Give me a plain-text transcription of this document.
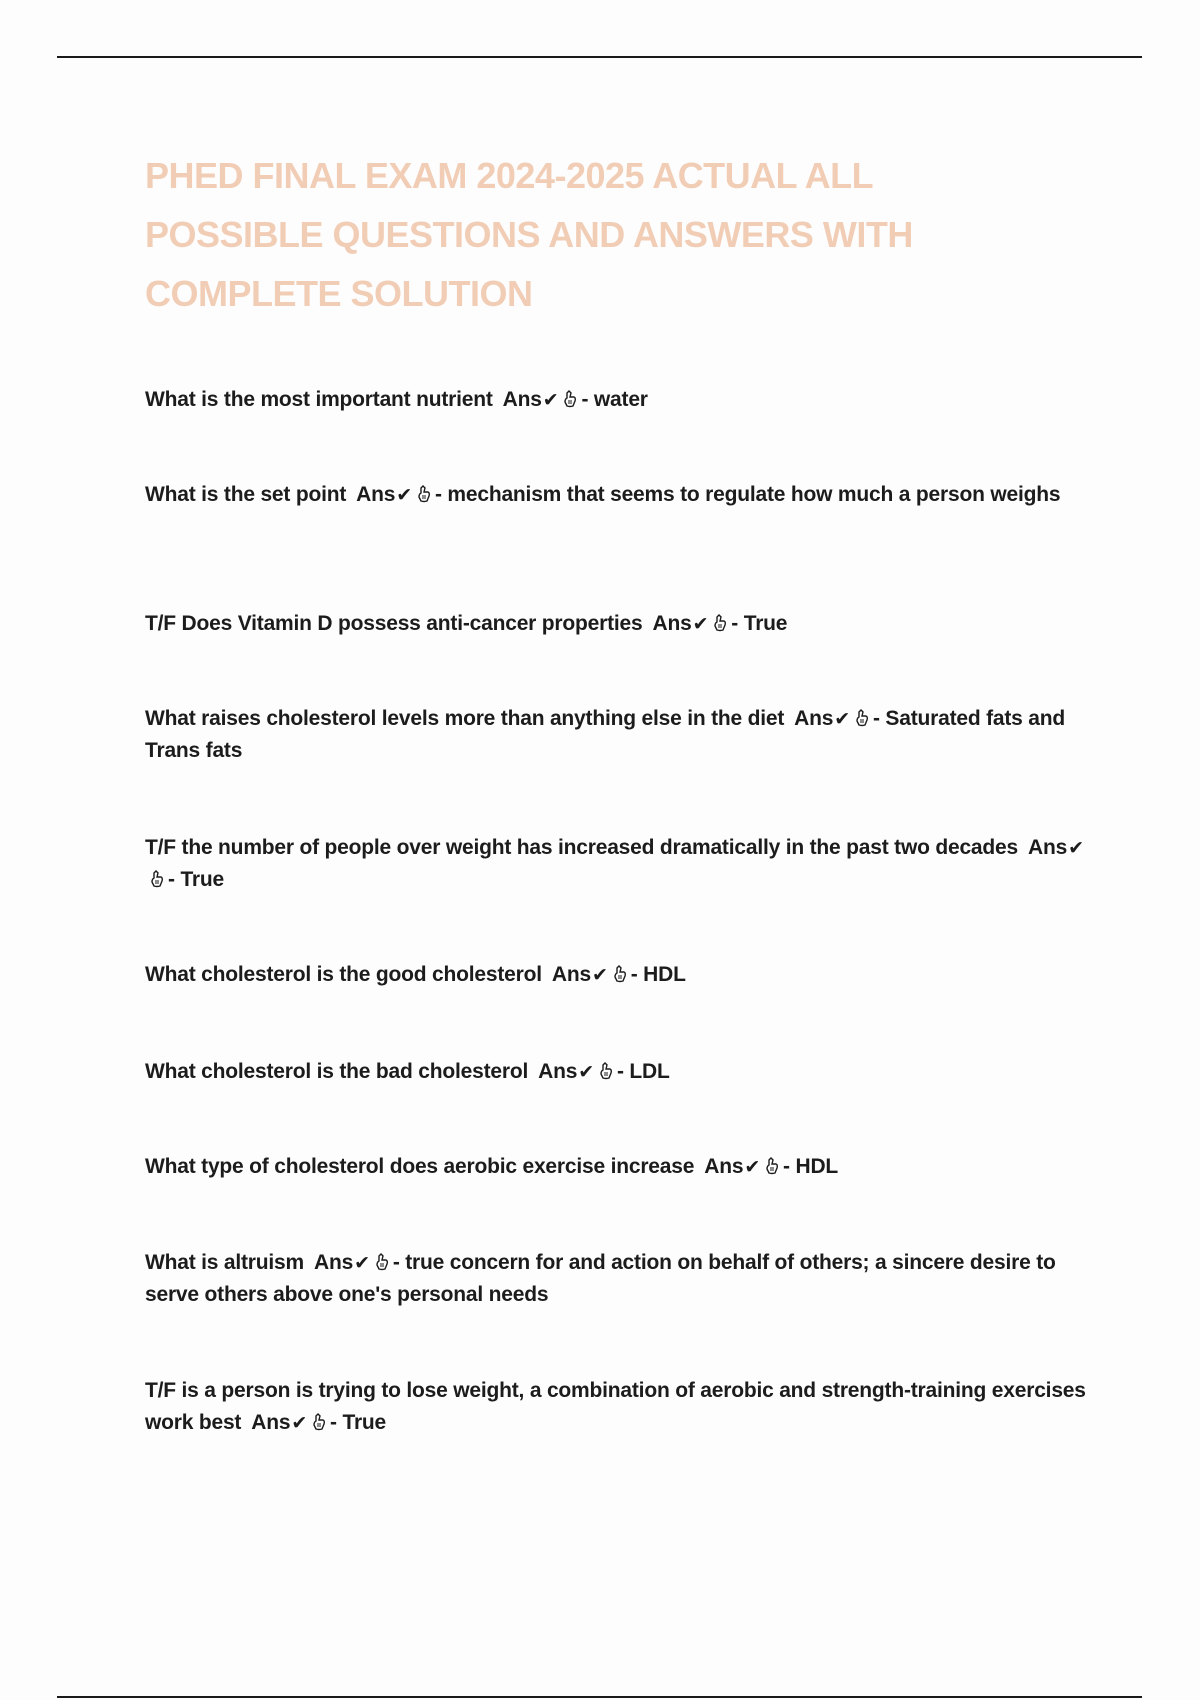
PHED FINAL EXAM 2024-2025 ACTUAL ALL POSSIBLE QUESTIONS AND ANSWERS WITH COMPLETE SOLUTION
What is the most important nutrient Ans✔ - water
What is the set point Ans✔ - mechanism that seems to regulate how much a person weighs
T/F Does Vitamin D possess anti-cancer properties Ans✔ - True
What raises cholesterol levels more than anything else in the diet Ans✔ - Saturated fats and Trans fats
T/F the number of people over weight has increased dramatically in the past two decades Ans✔- True
What cholesterol is the good cholesterol Ans✔ - HDL
What cholesterol is the bad cholesterol Ans✔ - LDL
What type of cholesterol does aerobic exercise increase Ans✔ - HDL
What is altruism Ans✔ - true concern for and action on behalf of others; a sincere desire to serve others above one's personal needs
T/F is a person is trying to lose weight, a combination of aerobic and strength-training exercises work best Ans✔ - True
